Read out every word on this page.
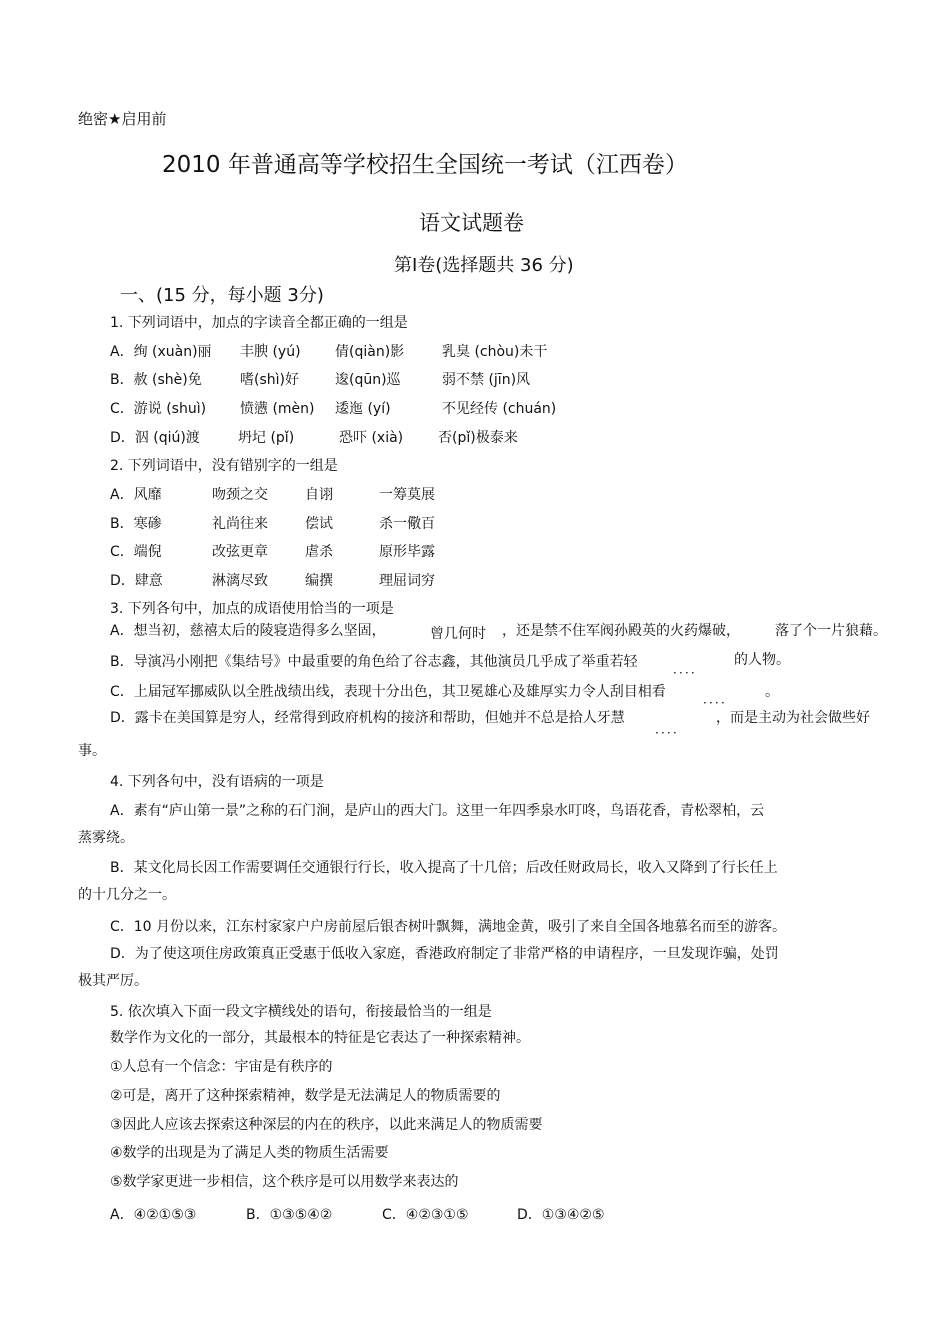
绝密★启用前
2010 年普通高等学校招生全国统一考试（江西卷）
语文试题卷
第Ⅰ卷(选择题共 36 分)
一、(15 分，每小题 3分)
1. 下列词语中，加点的字读音全都正确的一组是
A．绚 (xuàn)丽 丰腴 (yú) 倩(qiàn)影	乳臭 (chòu)未干
B．赦 (shè)免	嗜(shì)好	逡(qūn)巡	弱不禁 (jīn)风
C．游说 (shuì) 愤懑 (mèn) 逶迤 (yí)	不见经传 (chuán)
D．泅 (qiú)渡	坍圮 (pǐ)	恐吓 (xià) 否(pǐ)极泰来
2. 下列词语中，没有错别字的一组是
A．风靡	吻颈之交	自诩	一筹莫展
B．寒碜	礼尚往来	偿试	杀一儆百
C．端倪	改弦更章	虐杀	原形毕露
D．肆意	淋漓尽致	编撰	理屈词穷
3. 下列各句中，加点的成语使用恰当的一项是
A．想当初，慈禧太后的陵寝造得多么坚固，	曾几何时 ，还是禁不住军阀孙殿英的火药爆破，	落了个一片狼藉。
B．导演冯小刚把《集结号》中最重要的角色给了谷志鑫，其他演员几乎成了举重若轻	．．．．
的人物。
C．上届冠军挪威队以全胜战绩出线，表现十分出色，其卫冕雄心及雄厚实力令人刮目相看	．．．． 。
D．露卡在美国算是穷人，经常得到政府机构的接济和帮助，但她并不总是拾人牙慧
．．．．
，而是主动为社会做些好
事。
4. 下列各句中，没有语病的一项是
A．素有“庐山第一景”之称的石门涧，是庐山的西大门。这里一年四季泉水叮咚，鸟语花香，青松翠柏，云
蒸雾绕。
B．某文化局长因工作需要调任交通银行行长，收入提高了十几倍；后改任财政局长，收入又降到了行长任上
的十几分之一。
C．10 月份以来，江东村家家户户房前屋后银杏树叶飘舞，满地金黄，吸引了来自全国各地慕名而至的游客。
D．为了使这项住房政策真正受惠于低收入家庭，香港政府制定了非常严格的申请程序，一旦发现诈骗，处罚
极其严厉。
5. 依次填入下面一段文字横线处的语句，衔接最恰当的一组是
数学作为文化的一部分，其最根本的特征是它表达了一种探索精神。
①人总有一个信念：宇宙是有秩序的
②可是，离开了这种探索精神，数学是无法满足人的物质需要的
③因此人应该去探索这种深层的内在的秩序，以此来满足人的物质需要
④数学的出现是为了满足人类的物质生活需要
⑤数学家更进一步相信，这个秩序是可以用数学来表达的
A．④②①⑤③	B．①③⑤④②	C．④②③①⑤	D．①③④②⑤
